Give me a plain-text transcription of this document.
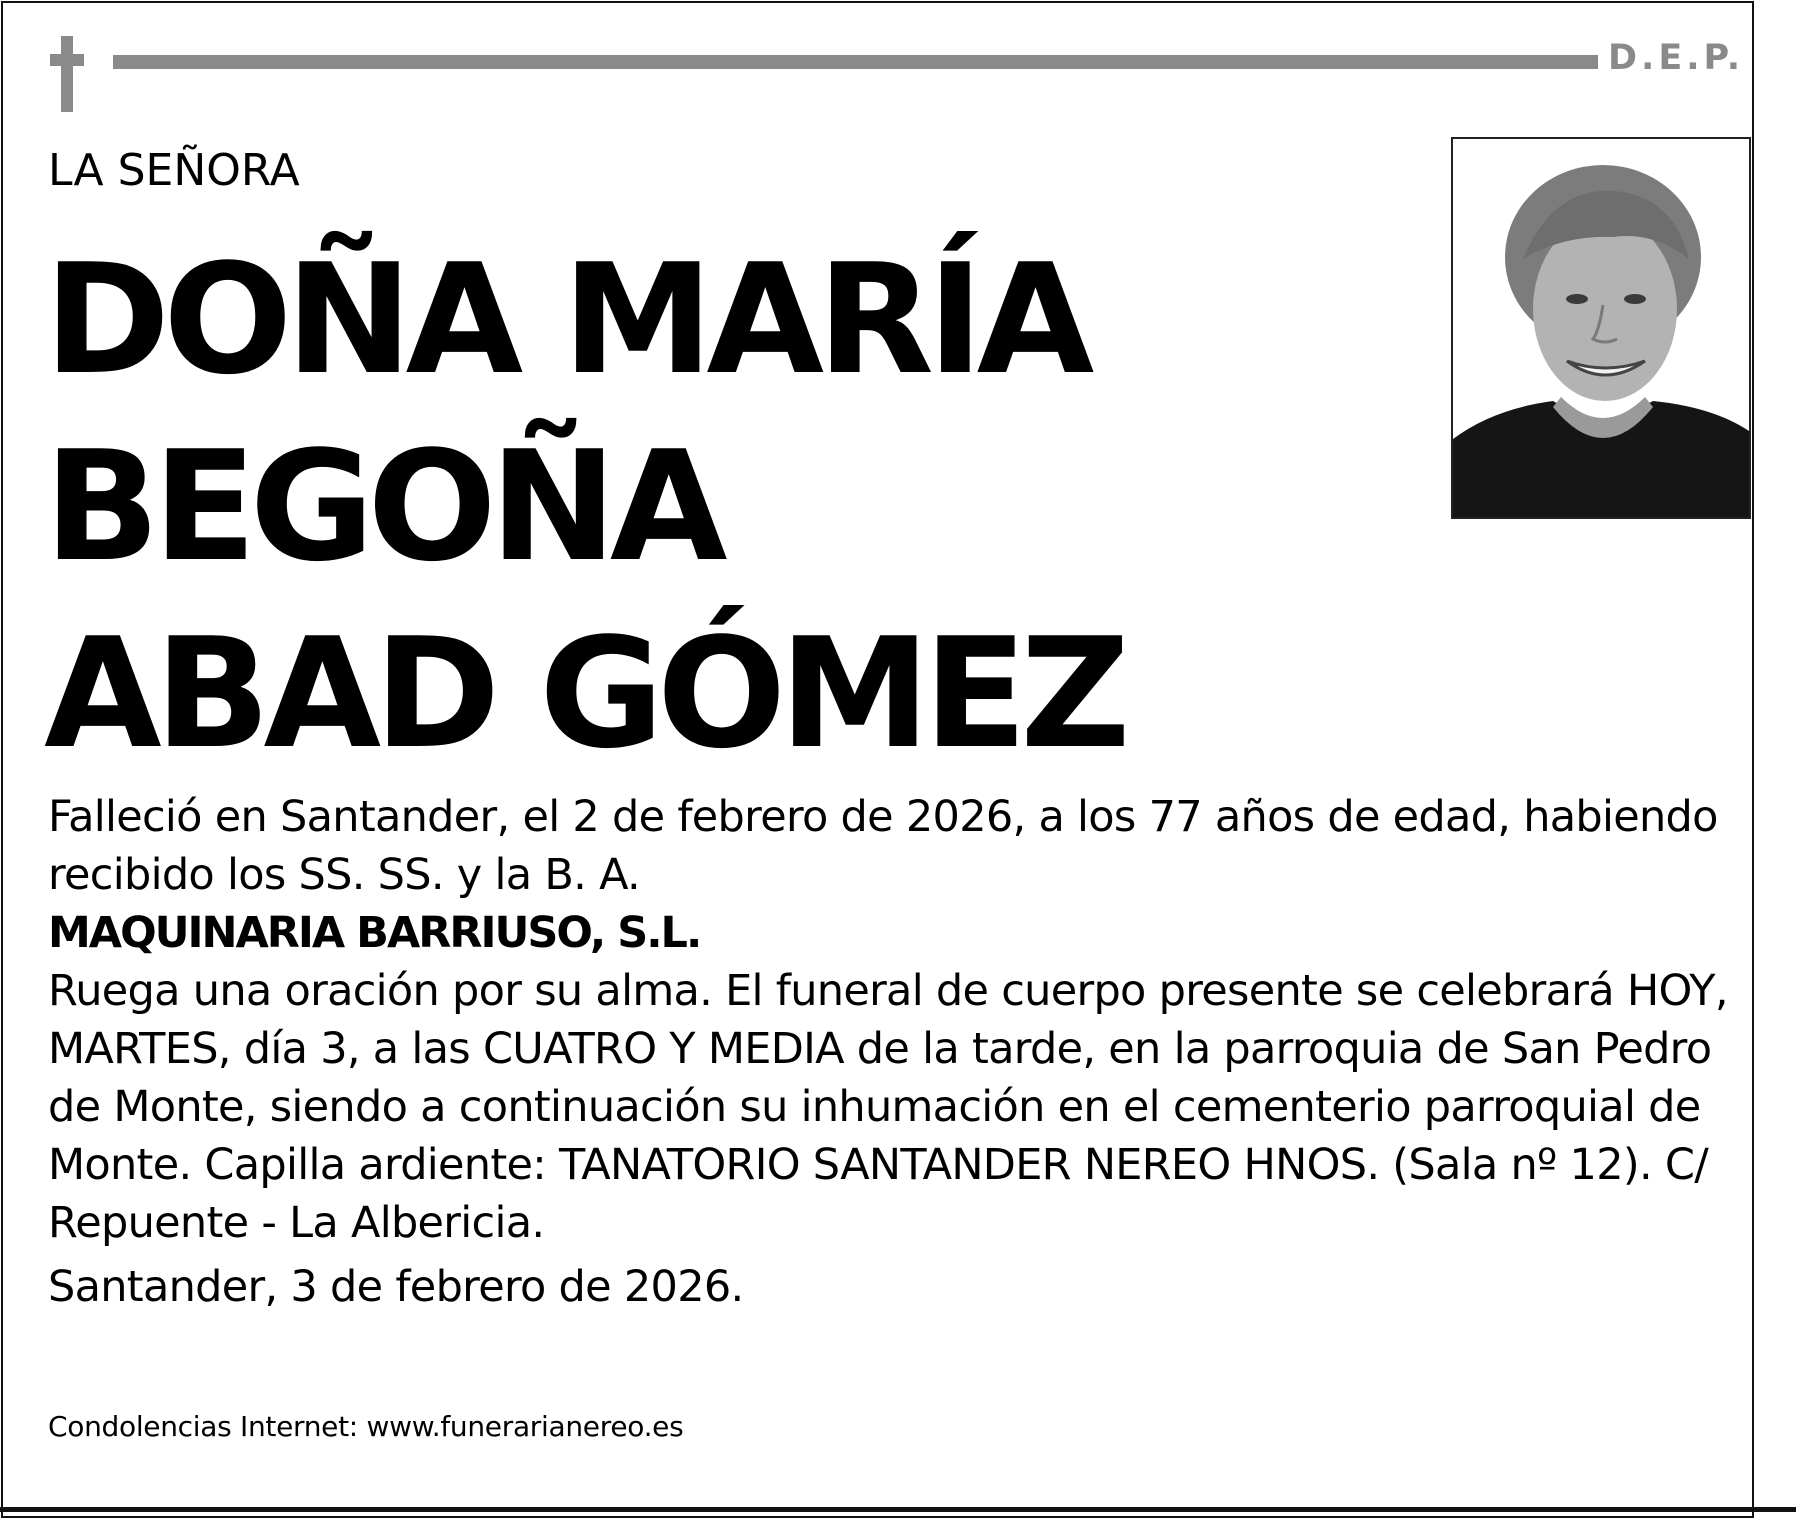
D.E.P.
LA SEÑORA
DOÑA MARÍA
BEGOÑA
ABAD GÓMEZ

Falleció en Santander, el 2 de febrero de 2026, a los 77 años de edad, habiendo recibido los SS. SS. y la B. A.

MAQUINARIA BARRIUSO, S.L.

Ruega una oración por su alma. El funeral de cuerpo presente se celebrará HOY, MARTES, día 3, a las CUATRO Y MEDIA de la tarde, en la parroquia de San Pedro de Monte, siendo a continuación su inhumación en el cementerio parroquial de Monte. Capilla ardiente: TANATORIO SANTANDER NEREO HNOS. (Sala nº 12). C/ Repuente - La Albericia.

Santander, 3 de febrero de 2026.

Condolencias Internet: www.funerarianereo.es
